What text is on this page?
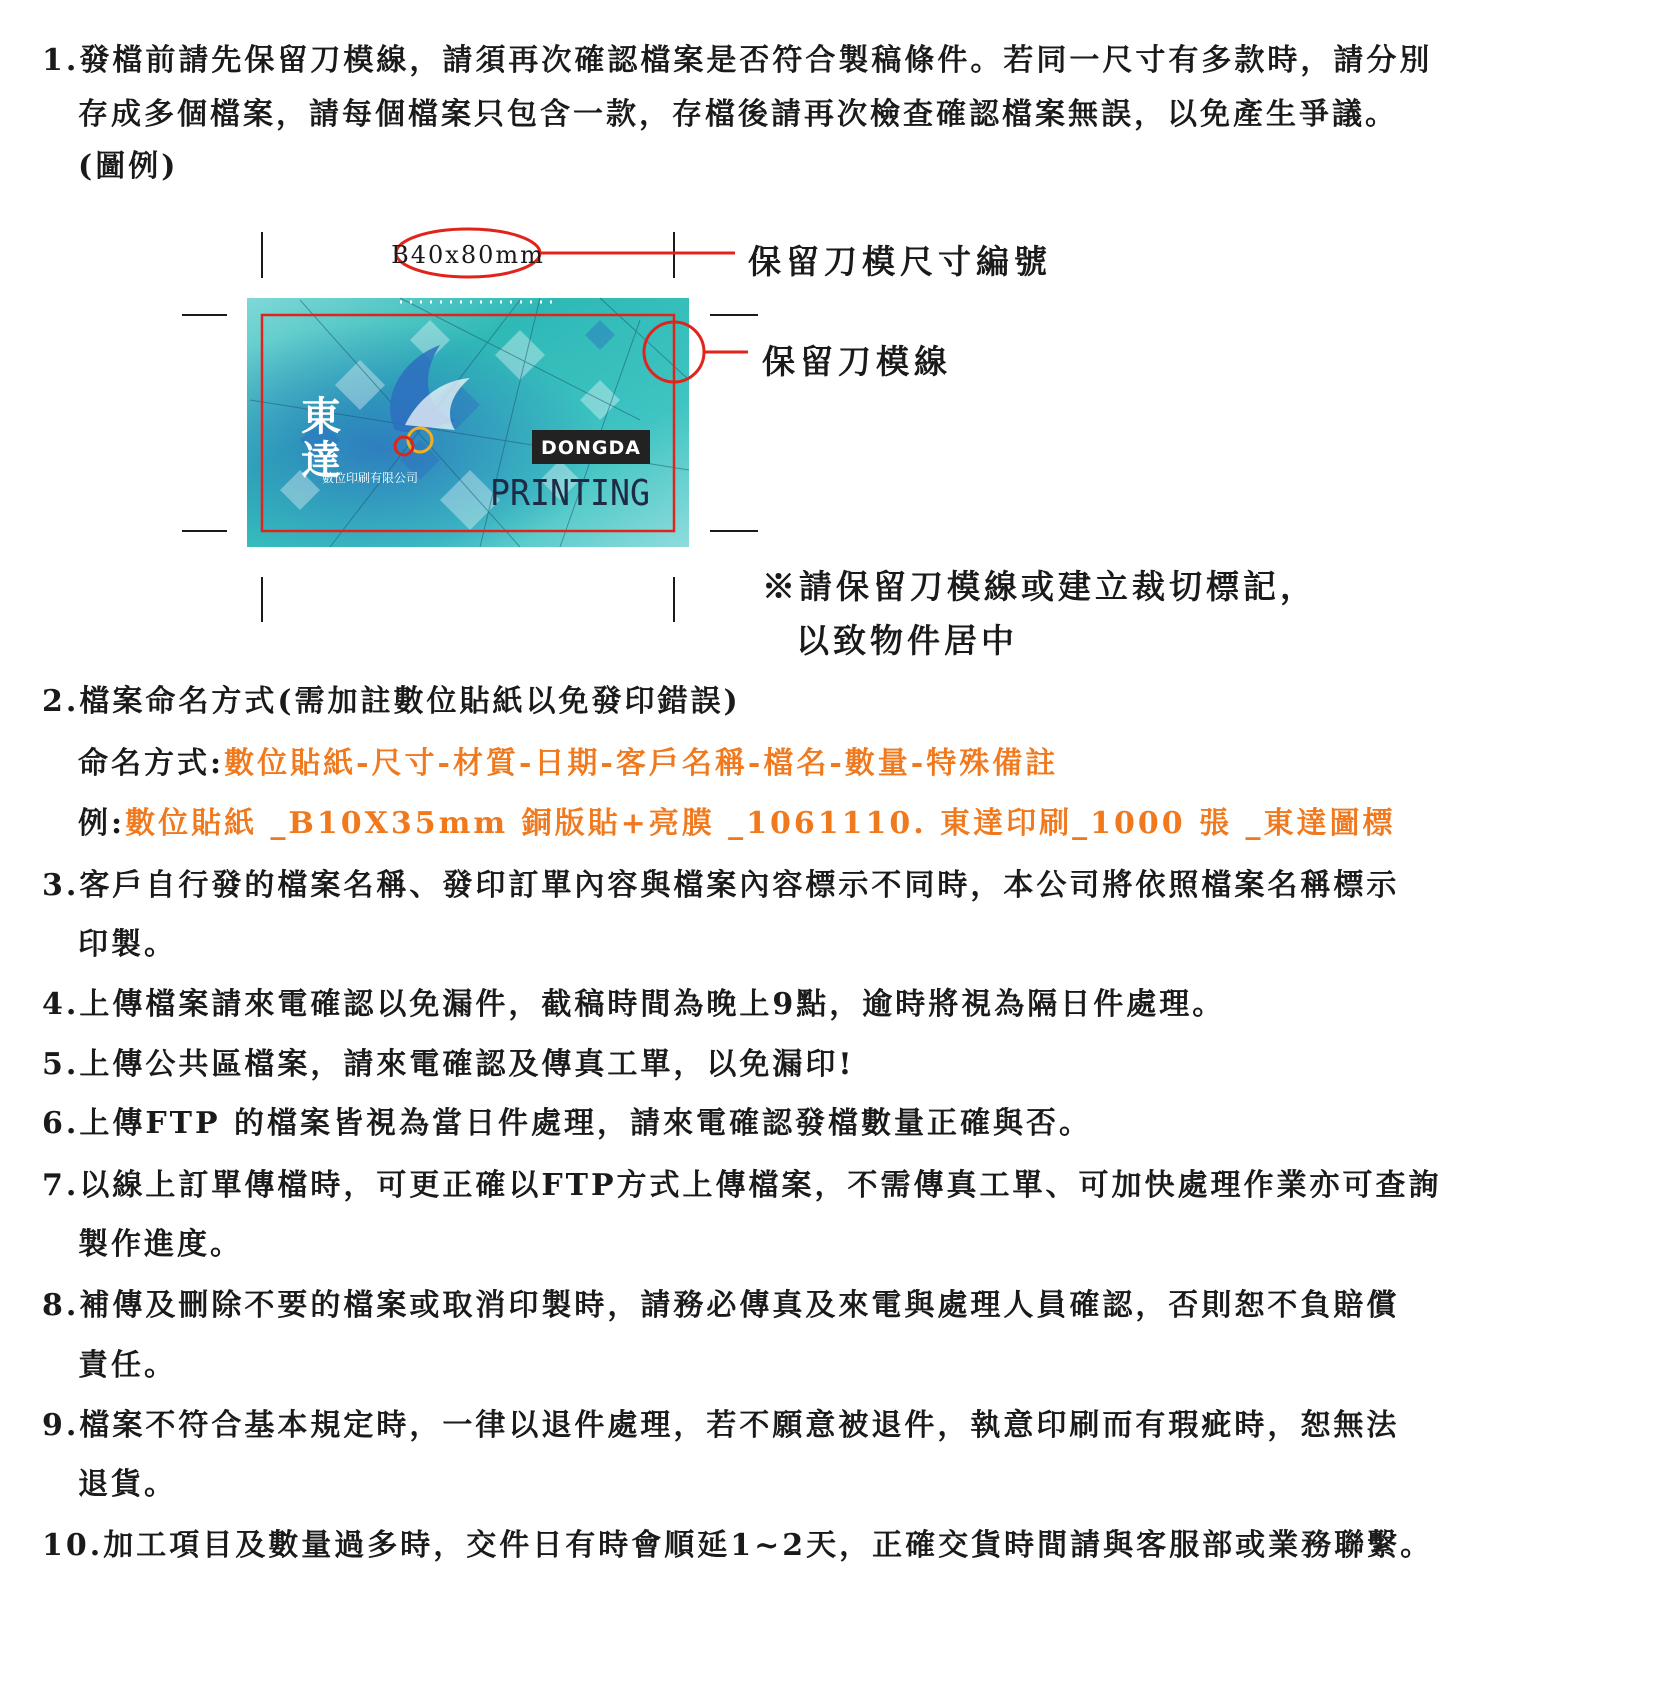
1.發檔前請先保留刀模線，請須再次確認檔案是否符合製稿條件。若同一尺寸有多款時，請分別
存成多個檔案，請每個檔案只包含一款，存檔後請再次檢查確認檔案無誤，以免產生爭議。
(圖例)
東達
數位印刷有限公司
DONGDA
PRINTING
B40x80mm	保留刀模尺寸編號
保留刀模線
※請保留刀模線或建立裁切標記，
以致物件居中
2.檔案命名方式(需加註數位貼紙以免發印錯誤)
命名方式:數位貼紙-尺寸-材質-日期-客戶名稱-檔名-數量-特殊備註
例:數位貼紙 _B10X35mm 銅版貼+亮膜 _1061110. 東達印刷_1000 張 _東達圖標
3.客戶自行發的檔案名稱、發印訂單內容與檔案內容標示不同時，本公司將依照檔案名稱標示
印製。
4.上傳檔案請來電確認以免漏件，截稿時間為晚上9點，逾時將視為隔日件處理。
5.上傳公共區檔案，請來電確認及傳真工單，以免漏印!
6.上傳FTP 的檔案皆視為當日件處理，請來電確認發檔數量正確與否。
7.以線上訂單傳檔時，可更正確以FTP方式上傳檔案，不需傳真工單、可加快處理作業亦可查詢
製作進度。
8.補傳及刪除不要的檔案或取消印製時，請務必傳真及來電與處理人員確認，否則恕不負賠償
責任。
9.檔案不符合基本規定時，一律以退件處理，若不願意被退件，執意印刷而有瑕疵時，恕無法
退貨。
10.加工項目及數量過多時，交件日有時會順延1~2天，正確交貨時間請與客服部或業務聯繫。
